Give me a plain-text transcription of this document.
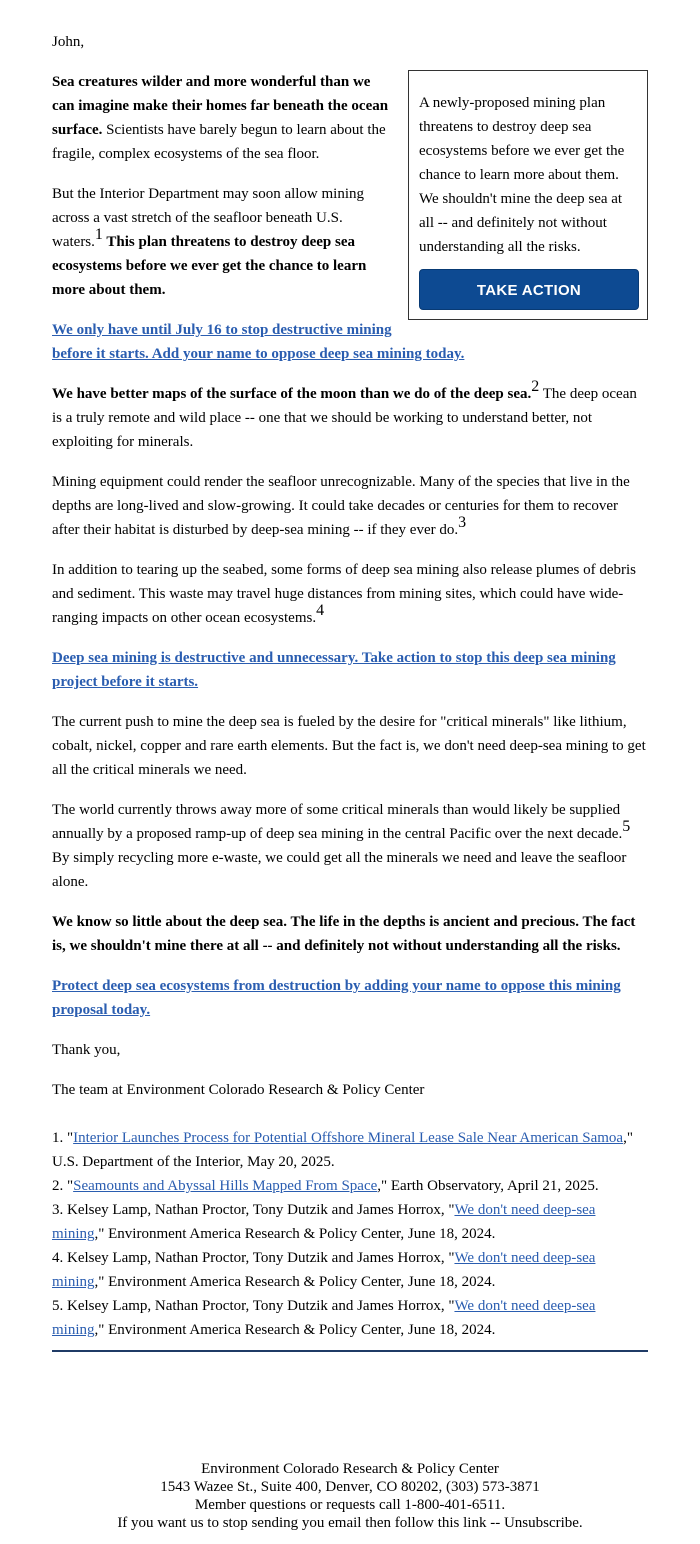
John,

A newly-proposed mining plan threatens to destroy deep sea ecosystems before we ever get the chance to learn more about them. We shouldn't mine the deep sea at all -- and definitely not without understanding all the risks.

TAKE ACTION

Sea creatures wilder and more wonderful than we can imagine make their homes far beneath the ocean surface. Scientists have barely begun to learn about the fragile, complex ecosystems of the sea floor.

But the Interior Department may soon allow mining across a vast stretch of the seafloor beneath U.S. waters.$^1$ This plan threatens to destroy deep sea ecosystems before we ever get the chance to learn more about them.

We only have until July 16 to stop destructive mining before it starts. Add your name to oppose deep sea mining today.

We have better maps of the surface of the moon than we do of the deep sea.$^2$ The deep ocean is a truly remote and wild place -- one that we should be working to understand better, not exploiting for minerals.

Mining equipment could render the seafloor unrecognizable. Many of the species that live in the depths are long-lived and slow-growing. It could take decades or centuries for them to recover after their habitat is disturbed by deep-sea mining -- if they ever do.$^3$

In addition to tearing up the seabed, some forms of deep sea mining also release plumes of debris and sediment. This waste may travel huge distances from mining sites, which could have wide-ranging impacts on other ocean ecosystems.$^4$

Deep sea mining is destructive and unnecessary. Take action to stop this deep sea mining project before it starts.

The current push to mine the deep sea is fueled by the desire for "critical minerals" like lithium, cobalt, nickel, copper and rare earth elements. But the fact is, we don't need deep-sea mining to get all the critical minerals we need.

The world currently throws away more of some critical minerals than would likely be supplied annually by a proposed ramp-up of deep sea mining in the central Pacific over the next decade.$^5$ By simply recycling more e-waste, we could get all the minerals we need and leave the seafloor alone.

We know so little about the deep sea. The life in the depths is ancient and precious. The fact is, we shouldn't mine there at all -- and definitely not without understanding all the risks.

Protect deep sea ecosystems from destruction by adding your name to oppose this mining proposal today.

Thank you,

The team at Environment Colorado Research & Policy Center

1. "Interior Launches Process for Potential Offshore Mineral Lease Sale Near American Samoa," U.S. Department of the Interior, May 20, 2025.
2. "Seamounts and Abyssal Hills Mapped From Space," Earth Observatory, April 21, 2025.
3. Kelsey Lamp, Nathan Proctor, Tony Dutzik and James Horrox, "We don't need deep-sea mining," Environment America Research & Policy Center, June 18, 2024.
4. Kelsey Lamp, Nathan Proctor, Tony Dutzik and James Horrox, "We don't need deep-sea mining," Environment America Research & Policy Center, June 18, 2024.
5. Kelsey Lamp, Nathan Proctor, Tony Dutzik and James Horrox, "We don't need deep-sea mining," Environment America Research & Policy Center, June 18, 2024.
Environment Colorado Research & Policy Center
1543 Wazee St., Suite 400, Denver, CO 80202, (303) 573-3871
Member questions or requests call 1-800-401-6511.
If you want us to stop sending you email then follow this link -- Unsubscribe.
